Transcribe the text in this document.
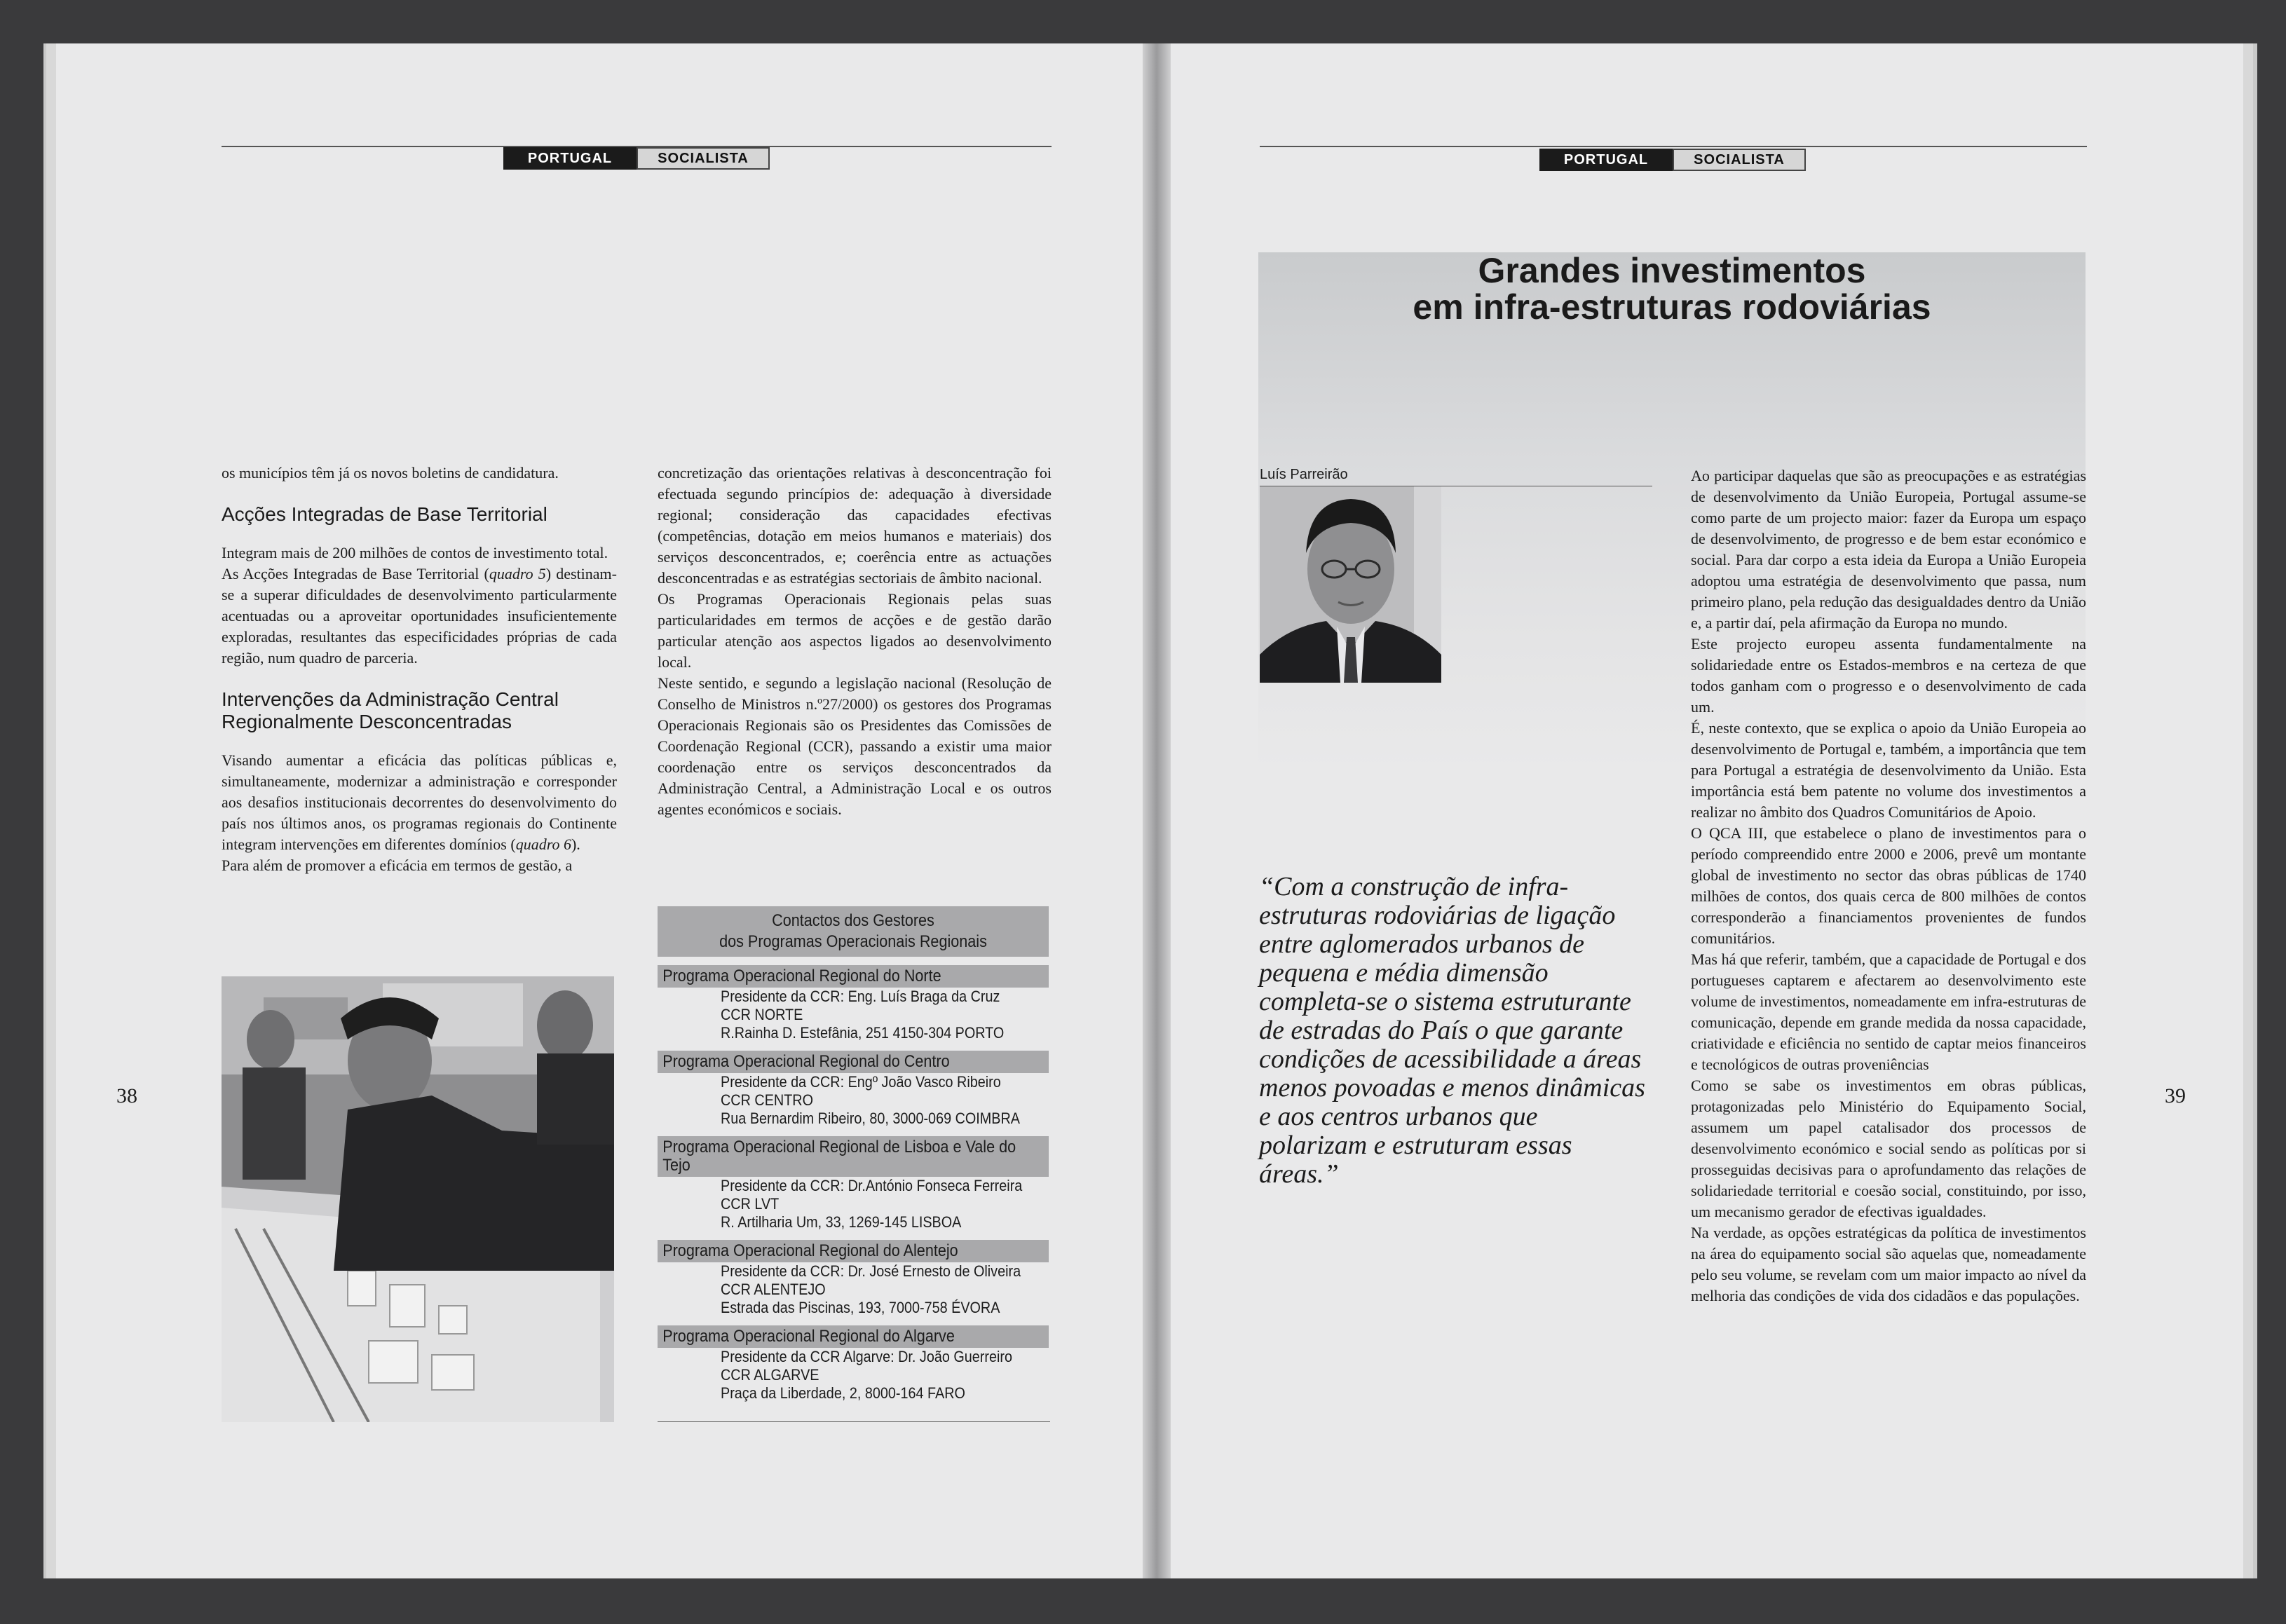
PORTUGAL	SOCIALISTA

os municípios têm já os novos boletins de candidatura.

Acções Integradas de Base Territorial

Integram mais de 200 milhões de contos de investimento total.

As Acções Integradas de Base Territorial (quadro 5) destinam-se a superar dificuldades de desenvolvimento particularmente acentuadas ou a aproveitar oportunidades insuficientemente exploradas, resultantes das especificidades próprias de cada região, num quadro de parceria.

Intervenções da Administração Central Regionalmente Desconcentradas

Visando aumentar a eficácia das políticas públicas e, simultaneamente, modernizar a administração e corresponder aos desafios institucionais decorrentes do desenvolvimento do país nos últimos anos, os programas regionais do Continente integram intervenções em diferentes domínios (quadro 6).

Para além de promover a eficácia em termos de gestão, a

concretização das orientações relativas à desconcentração foi efectuada segundo princípios de: adequação à diversidade regional; consideração das capacidades efectivas (competências, dotação em meios humanos e materiais) dos serviços desconcentrados, e; coerência entre as actuações desconcentradas e as estratégias sectoriais de âmbito nacional.

Os Programas Operacionais Regionais pelas suas particularidades em termos de acções e de gestão darão particular atenção aos aspectos ligados ao desenvolvimento local.

Neste sentido, e segundo a legislação nacional (Resolução de Conselho de Ministros n.º27/2000) os gestores dos Programas Operacionais Regionais são os Presidentes das Comissões de Coordenação Regional (CCR), passando a existir uma maior coordenação entre os serviços desconcentrados da Administração Central, a Administração Local e os outros agentes económicos e sociais.

Contactos dos Gestores
dos Programas Operacionais Regionais
Programa Operacional Regional do Norte
Presidente da CCR: Eng. Luís Braga da Cruz
CCR NORTE
R.Rainha D. Estefânia, 251 4150-304 PORTO
Programa Operacional Regional do Centro
Presidente da CCR: Engº João Vasco Ribeiro
CCR CENTRO
Rua Bernardim Ribeiro, 80, 3000-069 COIMBRA
Programa Operacional Regional de Lisboa e Vale do Tejo
Presidente da CCR: Dr.António Fonseca Ferreira
CCR LVT
R. Artilharia Um, 33, 1269-145 LISBOA
Programa Operacional Regional do Alentejo
Presidente da CCR: Dr. José Ernesto de Oliveira
CCR ALENTEJO
Estrada das Piscinas, 193, 7000-758 ÉVORA
Programa Operacional Regional do Algarve
Presidente da CCR Algarve: Dr. João Guerreiro
CCR ALGARVE
Praça da Liberdade, 2, 8000-164 FARO
38
PORTUGAL	SOCIALISTA
Grandes investimentos
em infra-estruturas rodoviárias
Luís Parreirão
“Com a construção de infra-estruturas rodoviárias de ligação entre aglomerados urbanos de pequena e média dimensão completa-se o sistema estruturante de estradas do País o que garante condições de acessibilidade a áreas menos povoadas e menos dinâmicas e aos centros urbanos que polarizam e estruturam essas áreas.”

Ao participar daquelas que são as preocupações e as estratégias de desenvolvimento da União Europeia, Portugal assume-se como parte de um projecto maior: fazer da Europa um espaço de desenvolvimento, de progresso e de bem estar económico e social. Para dar corpo a esta ideia da Europa a União Europeia adoptou uma estratégia de desenvolvimento que passa, num primeiro plano, pela redução das desigualdades dentro da União e, a partir daí, pela afirmação da Europa no mundo.

Este projecto europeu assenta fundamentalmente na solidariedade entre os Estados-membros e na certeza de que todos ganham com o progresso e o desenvolvimento de cada um.

É, neste contexto, que se explica o apoio da União Europeia ao desenvolvimento de Portugal e, também, a importância que tem para Portugal a estratégia de desenvolvimento da União. Esta importância está bem patente no volume dos investimentos a realizar no âmbito dos Quadros Comunitários de Apoio.

O QCA III, que estabelece o plano de investimentos para o período compreendido entre 2000 e 2006, prevê um montante global de investimento no sector das obras públicas de 1740 milhões de contos, dos quais cerca de 800 milhões de contos corresponderão a financiamentos provenientes de fundos comunitários.

Mas há que referir, também, que a capacidade de Portugal e dos portugueses captarem e afectarem ao desenvolvimento este volume de investimentos, nomeadamente em infra-estruturas de comunicação, depende em grande medida da nossa capacidade, criatividade e eficiência no sentido de captar meios financeiros e tecnológicos de outras proveniências

Como se sabe os investimentos em obras públicas, protagonizadas pelo Ministério do Equipamento Social, assumem um papel catalisador dos processos de desenvolvimento económico e social sendo as políticas por si prosseguidas decisivas para o aprofundamento das relações de solidariedade territorial e coesão social, constituindo, por isso, um mecanismo gerador de efectivas igualdades.

Na verdade, as opções estratégicas da política de investimentos na área do equipamento social são aquelas que, nomeadamente pelo seu volume, se revelam com um maior impacto ao nível da melhoria das condições de vida dos cidadãos e das populações.

39
